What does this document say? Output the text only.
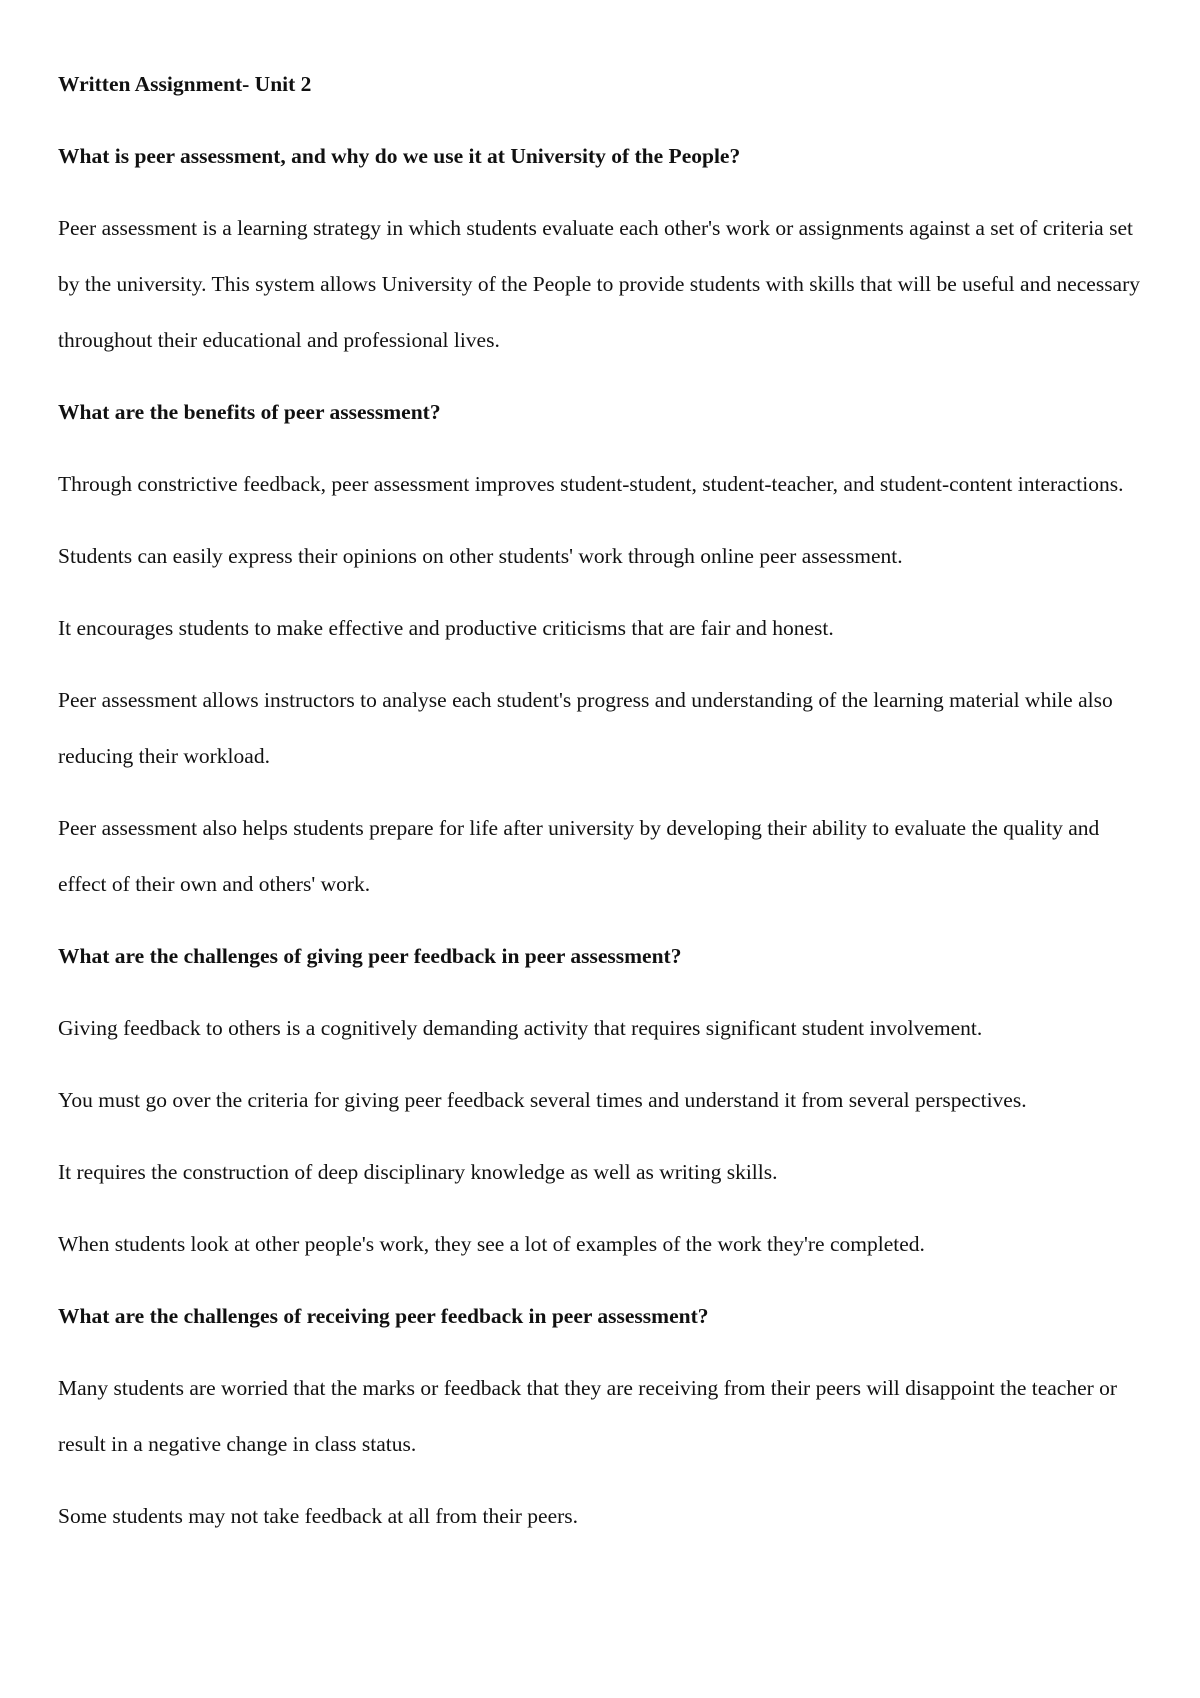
Written Assignment- Unit 2

What is peer assessment, and why do we use it at University of the People?

Peer assessment is a learning strategy in which students evaluate each other's work or assignments against a set of criteria set by the university. This system allows University of the People to provide students with skills that will be useful and necessary throughout their educational and professional lives.

What are the benefits of peer assessment?

Through constrictive feedback, peer assessment improves student-student, student-teacher, and student-content interactions.

Students can easily express their opinions on other students' work through online peer assessment.

It encourages students to make effective and productive criticisms that are fair and honest.

Peer assessment allows instructors to analyse each student's progress and understanding of the learning material while also reducing their workload.

Peer assessment also helps students prepare for life after university by developing their ability to evaluate the quality and effect of their own and others' work.

What are the challenges of giving peer feedback in peer assessment?

Giving feedback to others is a cognitively demanding activity that requires significant student involvement.

You must go over the criteria for giving peer feedback several times and understand it from several perspectives.

It requires the construction of deep disciplinary knowledge as well as writing skills.

When students look at other people's work, they see a lot of examples of the work they're completed.

What are the challenges of receiving peer feedback in peer assessment?

Many students are worried that the marks or feedback that they are receiving from their peers will disappoint the teacher or result in a negative change in class status.

Some students may not take feedback at all from their peers.
